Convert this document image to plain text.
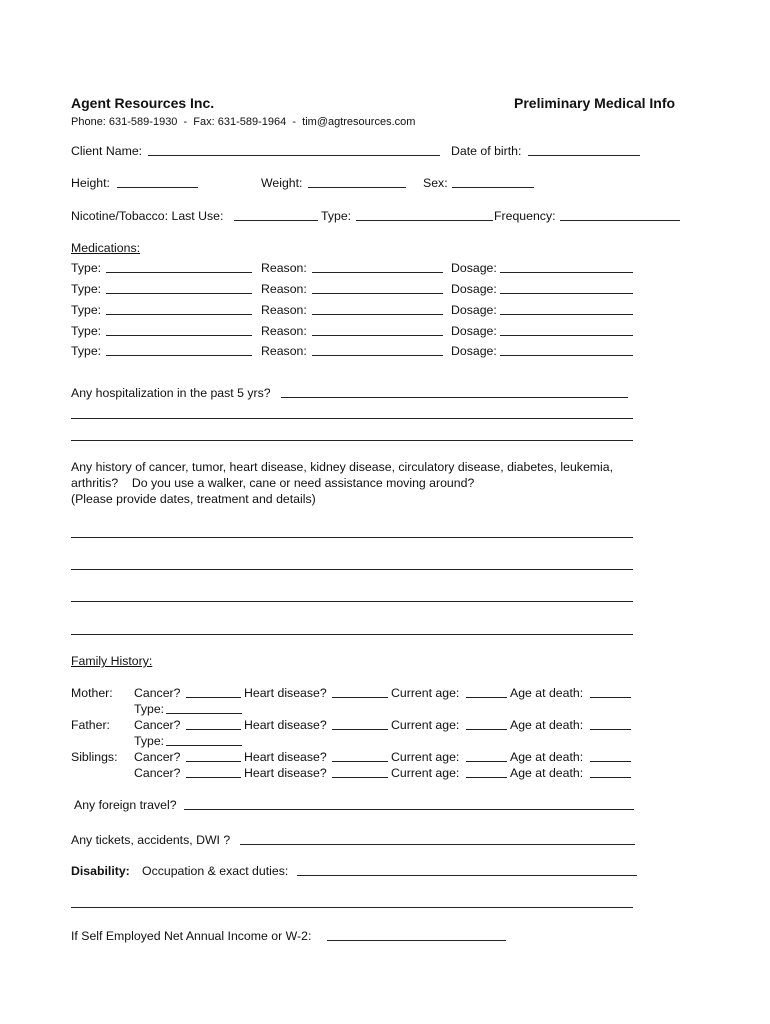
Agent Resources Inc.	Preliminary Medical Info
Phone: 631-589-1930  -  Fax: 631-589-1964  -  tim@agtresources.com
Client Name:	Date of birth:
Height:	Weight:	Sex:
Nicotine/Tobacco: Last Use:	Type:	Frequency:
Medications:
Type:	Reason:	Dosage:
Type:	Reason:	Dosage:
Type:	Reason:	Dosage:
Type:	Reason:	Dosage:
Type:	Reason:	Dosage:
Any hospitalization in the past 5 yrs?
Any history of cancer, tumor, heart disease, kidney disease, circulatory disease, diabetes, leukemia,
arthritis?    Do you use a walker, cane or need assistance moving around?
(Please provide dates, treatment and details)
Family History:
Mother: Cancer?	Heart disease?	Current age:	Age at death:
Type:
Father: Cancer?	Heart disease?	Current age:	Age at death:
Type:
Siblings: Cancer?	Heart disease?	Current age:	Age at death:
Cancer?	Heart disease?	Current age:	Age at death:
Any foreign travel?
Any tickets, accidents, DWI ?
Disability: Occupation & exact duties:
If Self Employed Net Annual Income or W-2:
